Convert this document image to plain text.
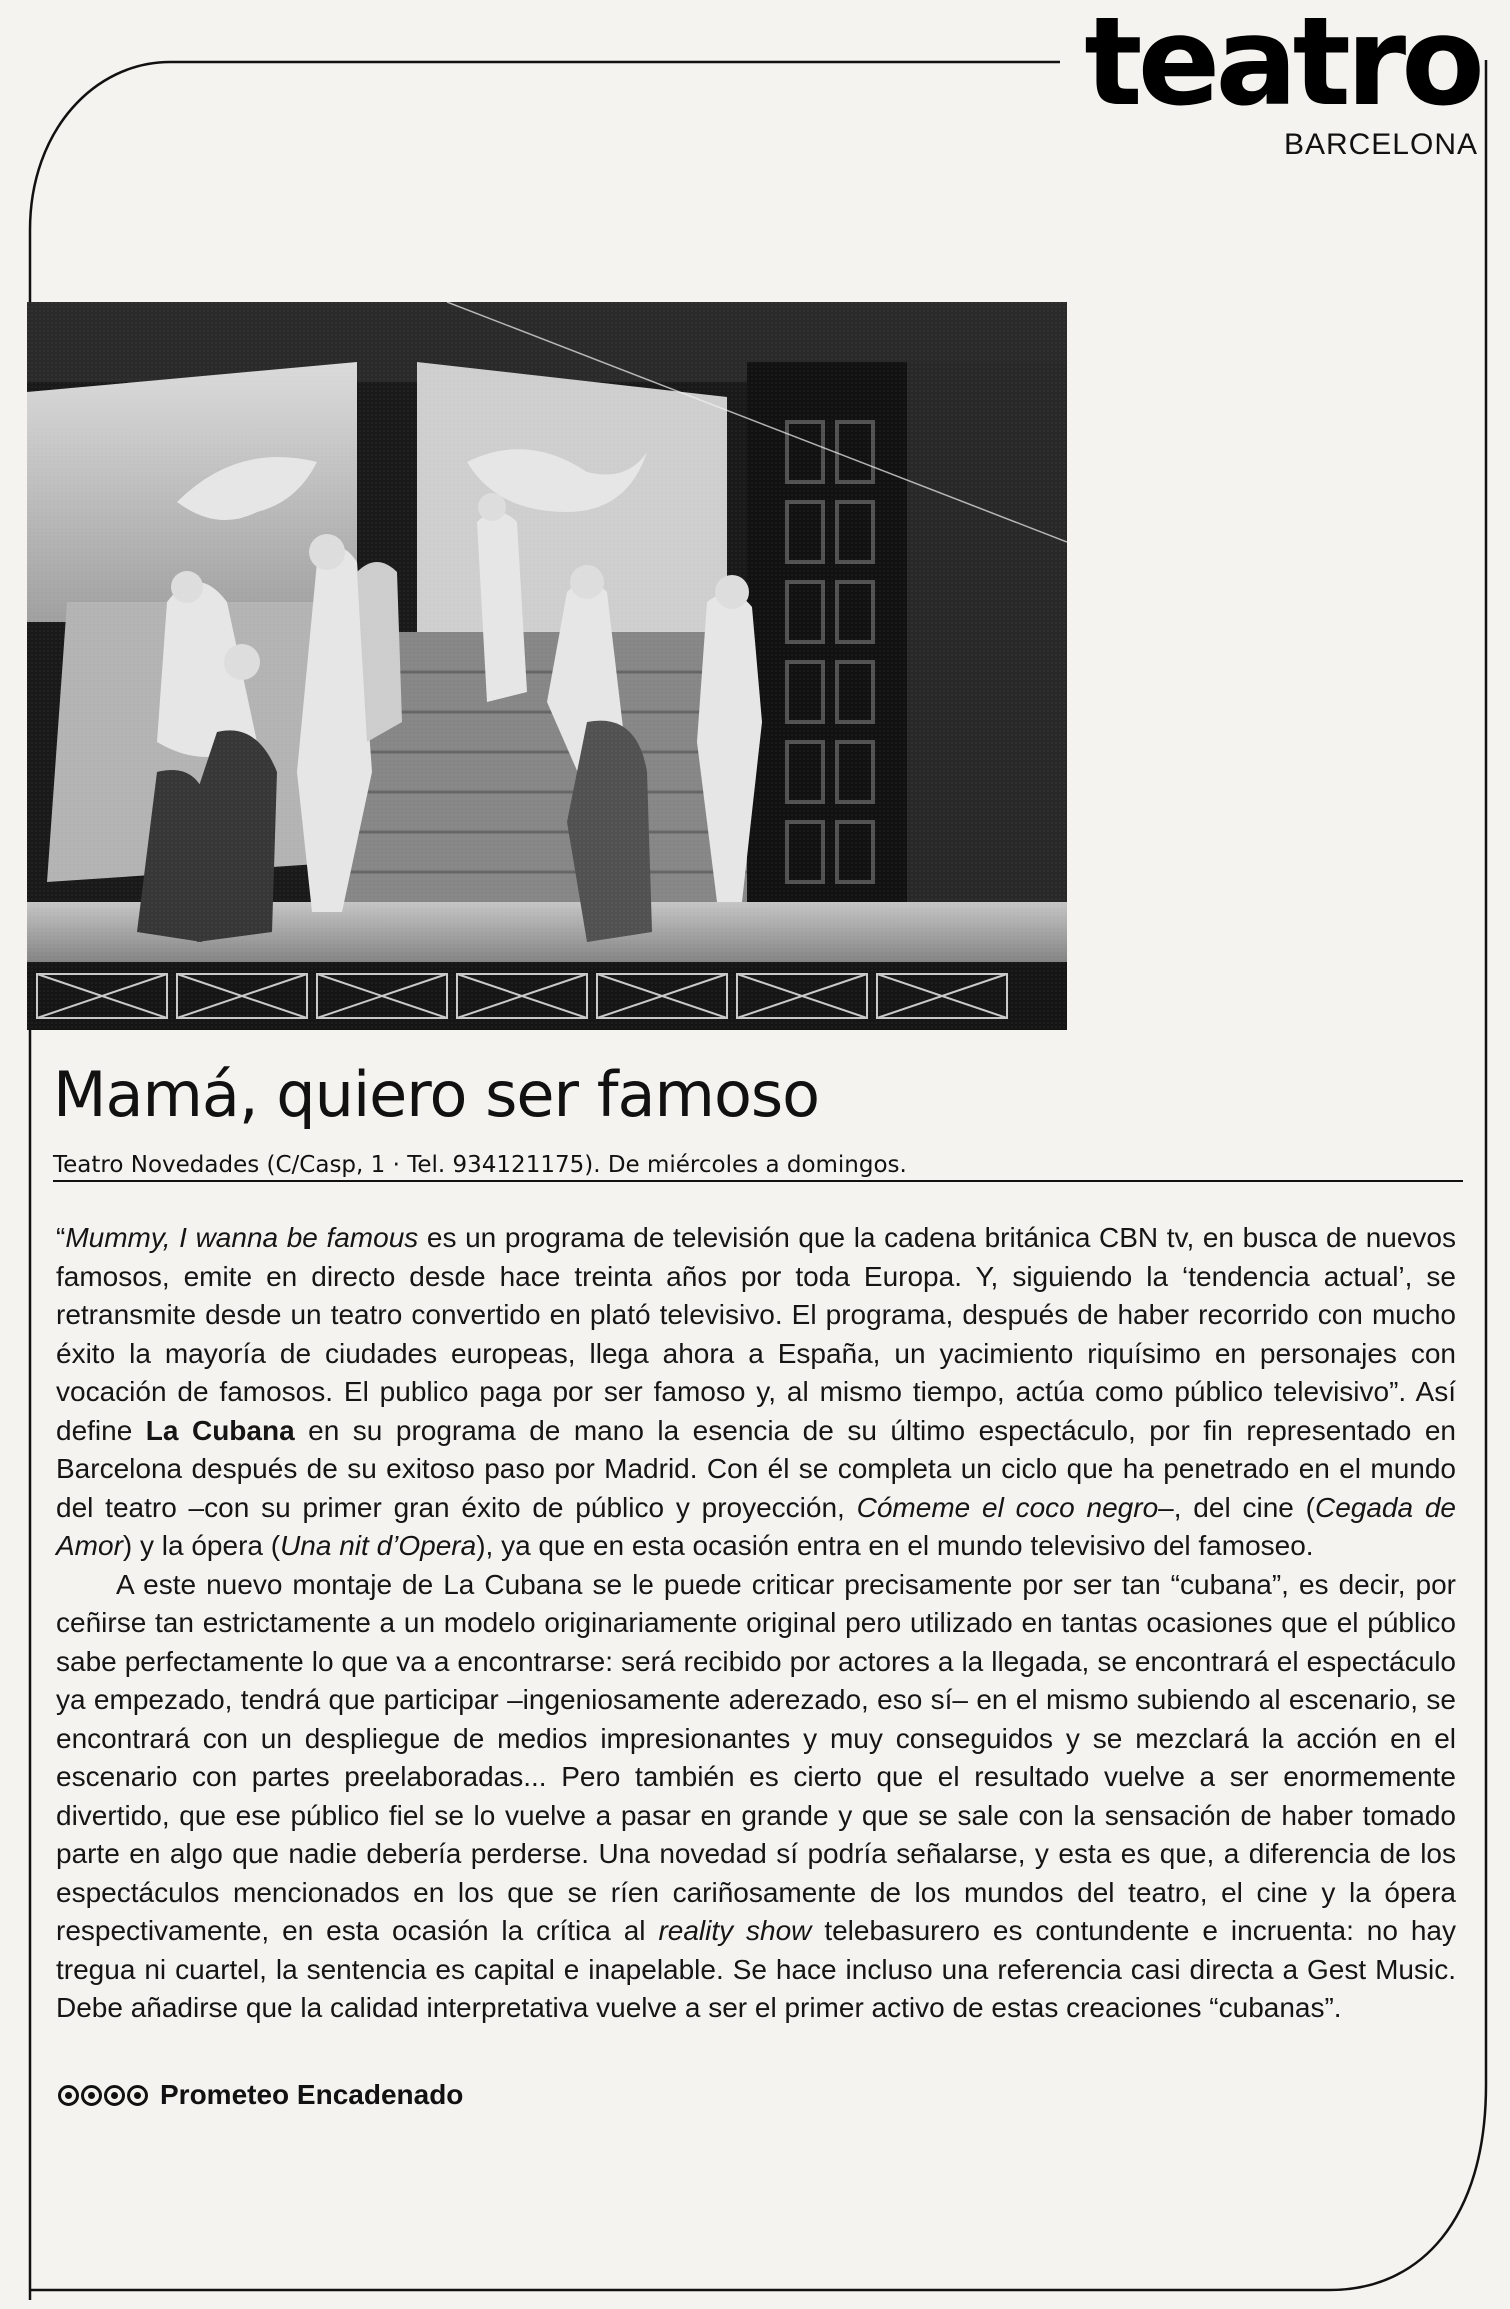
teatro
BARCELONA
Mamá, quiero ser famoso
Teatro Novedades (C/Casp, 1 · Tel. 934121175). De miércoles a domingos.

“Mummy, I wanna be famous es un programa de televisión que la cadena británica CBN tv, en busca de nuevos famosos, emite en directo desde hace treinta años por toda Europa. Y, siguiendo la ‘tendencia actual’, se retransmite desde un teatro convertido en plató televisivo. El programa, después de haber recorrido con mucho éxito la mayoría de ciudades europeas, llega ahora a España, un yacimiento riquísimo en personajes con vocación de famosos. El publico paga por ser famoso y, al mismo tiempo, actúa como público televisivo”. Así define La Cubana en su programa de mano la esencia de su último espectáculo, por fin representado en Barcelona después de su exitoso paso por Madrid. Con él se completa un ciclo que ha penetrado en el mundo del teatro –con su primer gran éxito de público y proyección, Cómeme el coco negro–, del cine (Cegada de Amor) y la ópera (Una nit d’Opera), ya que en esta ocasión entra en el mundo televisivo del famoseo.

A este nuevo montaje de La Cubana se le puede criticar precisamente por ser tan “cubana”, es decir, por ceñirse tan estrictamente a un modelo originariamente original pero utilizado en tantas ocasiones que el público sabe perfectamente lo que va a encontrarse: será recibido por actores a la llegada, se encontrará el espectáculo ya empezado, tendrá que participar –ingeniosamente aderezado, eso sí– en el mismo subiendo al escenario, se encontrará con un despliegue de medios impresionantes y muy conseguidos y se mezclará la acción en el escenario con partes preelaboradas... Pero también es cierto que el resultado vuelve a ser enormemente divertido, que ese público fiel se lo vuelve a pasar en grande y que se sale con la sensación de haber tomado parte en algo que nadie debería perderse. Una novedad sí podría señalarse, y esta es que, a diferencia de los espectáculos mencionados en los que se ríen cariñosamente de los mundos del teatro, el cine y la ópera respectivamente, en esta ocasión la crítica al reality show telebasurero es contundente e incruenta: no hay tregua ni cuartel, la sentencia es capital e inapelable. Se hace incluso una referencia casi directa a Gest Music. Debe añadirse que la calidad interpretativa vuelve a ser el primer activo de estas creaciones “cubanas”.

Prometeo Encadenado
